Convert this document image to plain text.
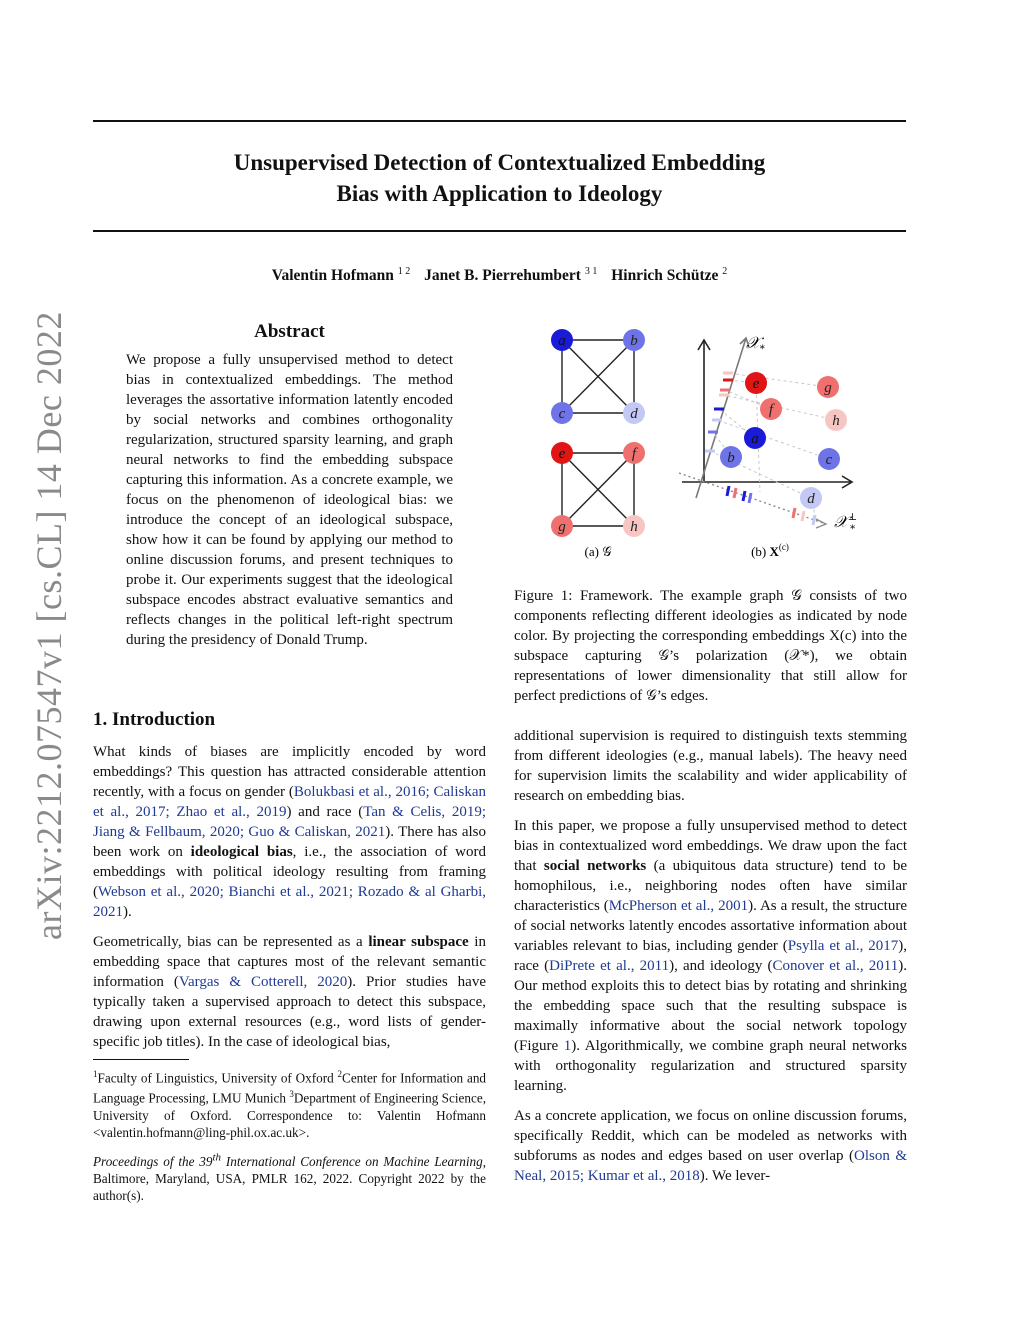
Unsupervised Detection of Contextualized Embedding
Bias with Application to Ideology
Valentin Hofmann $^{1 2}$ Janet B. Pierrehumbert $^{3 1}$ Hinrich Schütze $^2$
arXiv:2212.07547v1 [cs.CL] 14 Dec 2022	Abstract
We propose a fully unsupervised method to detect bias in contextualized embeddings. The method leverages the assortative information latently encoded by social networks and combines orthogonality regularization, structured sparsity learning, and graph neural networks to find the embedding subspace capturing this information. As a concrete example, we focus on the phenomenon of ideological bias: we introduce the concept of an ideological subspace, show how it can be found by applying our method to online discussion forums, and present techniques to probe it. Our experiments suggest that the ideological subspace encodes abstract evaluative semantics and reflects changes in the political left-right spectrum during the presidency of Donald Trump.
1. Introduction

What kinds of biases are implicitly encoded by word embeddings? This question has attracted considerable attention recently, with a focus on gender (Bolukbasi et al., 2016; Caliskan et al., 2017; Zhao et al., 2019) and race (Tan & Celis, 2019; Jiang & Fellbaum, 2020; Guo & Caliskan, 2021). There has also been work on ideological bias, i.e., the association of word embeddings with political ideology resulting from framing (Webson et al., 2020; Bianchi et al., 2021; Rozado & al Gharbi, 2021).

Geometrically, bias can be represented as a linear subspace in embedding space that captures most of the relevant semantic information (Vargas & Cotterell, 2020). Prior studies have typically taken a supervised approach to detect this subspace, drawing upon external resources (e.g., word lists of gender-specific job titles). In the case of ideological bias,

$^1$Faculty of Linguistics, University of Oxford $^2$Center for Information and Language Processing, LMU Munich $^3$Department of Engineering Science, University of Oxford. Correspondence to: Valentin Hofmann <valentin.hofmann@ling-phil.ox.ac.uk>.
Proceedings of the 39th International Conference on Machine Learning, Baltimore, Maryland, USA, PMLR 162, 2022. Copyright 2022 by the author(s).
a	b
c	d
e	f
g	h
𝒳$_*$
𝒳⊥ *
e
f
g
h
a
b	c
d
(a) 𝒢	(b) $X^{(c)}$
Figure 1: Framework. The example graph 𝒢 consists of two components reflecting different ideologies as indicated by node color. By projecting the corresponding embeddings X(c) into the subspace capturing 𝒢’s polarization (𝒳*), we obtain representations of lower dimensionality that still allow for perfect predictions of 𝒢’s edges.

additional supervision is required to distinguish texts stemming from different ideologies (e.g., manual labels). The heavy need for supervision limits the scalability and wider applicability of research on embedding bias.

In this paper, we propose a fully unsupervised method to detect bias in contextualized word embeddings. We draw upon the fact that social networks (a ubiquitous data structure) tend to be homophilous, i.e., neighboring nodes often have similar characteristics (McPherson et al., 2001). As a result, the structure of social networks latently encodes assortative information about variables relevant to bias, including gender (Psylla et al., 2017), race (DiPrete et al., 2011), and ideology (Conover et al., 2011). Our method exploits this to detect bias by rotating and shrinking the embedding space such that the resulting subspace is maximally informative about the social network topology (Figure 1). Algorithmically, we combine graph neural networks with orthogonality regularization and structured sparsity learning.

As a concrete application, we focus on online discussion forums, specifically Reddit, which can be modeled as networks with subforums as nodes and edges based on user overlap (Olson & Neal, 2015; Kumar et al., 2018). We lever-
